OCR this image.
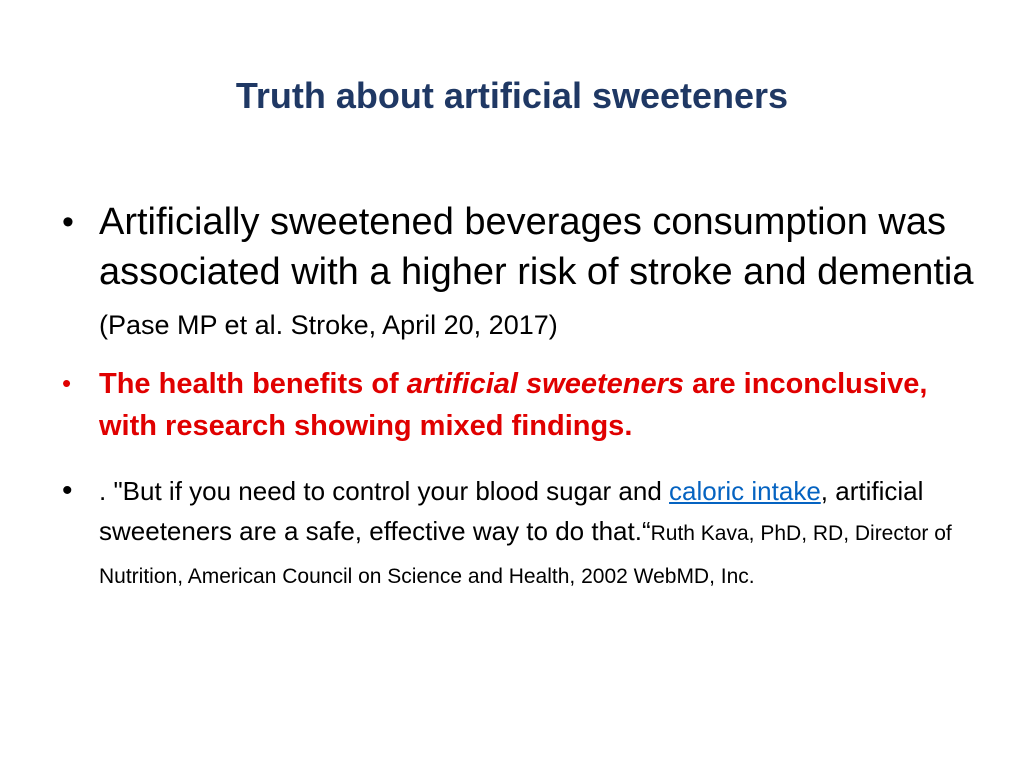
Truth about artificial sweeteners
• Artificially sweetened beverages consumption was associated with a higher risk of stroke and dementia (Pase MP et al. Stroke, April 20, 2017)
• The health benefits of artificial sweeteners are inconclusive, with research showing mixed findings.
• . "But if you need to control your blood sugar and caloric intake, artificial sweeteners are a safe, effective way to do that.“Ruth Kava, PhD, RD, Director of Nutrition, American Council on Science and Health, 2002 WebMD, Inc.
